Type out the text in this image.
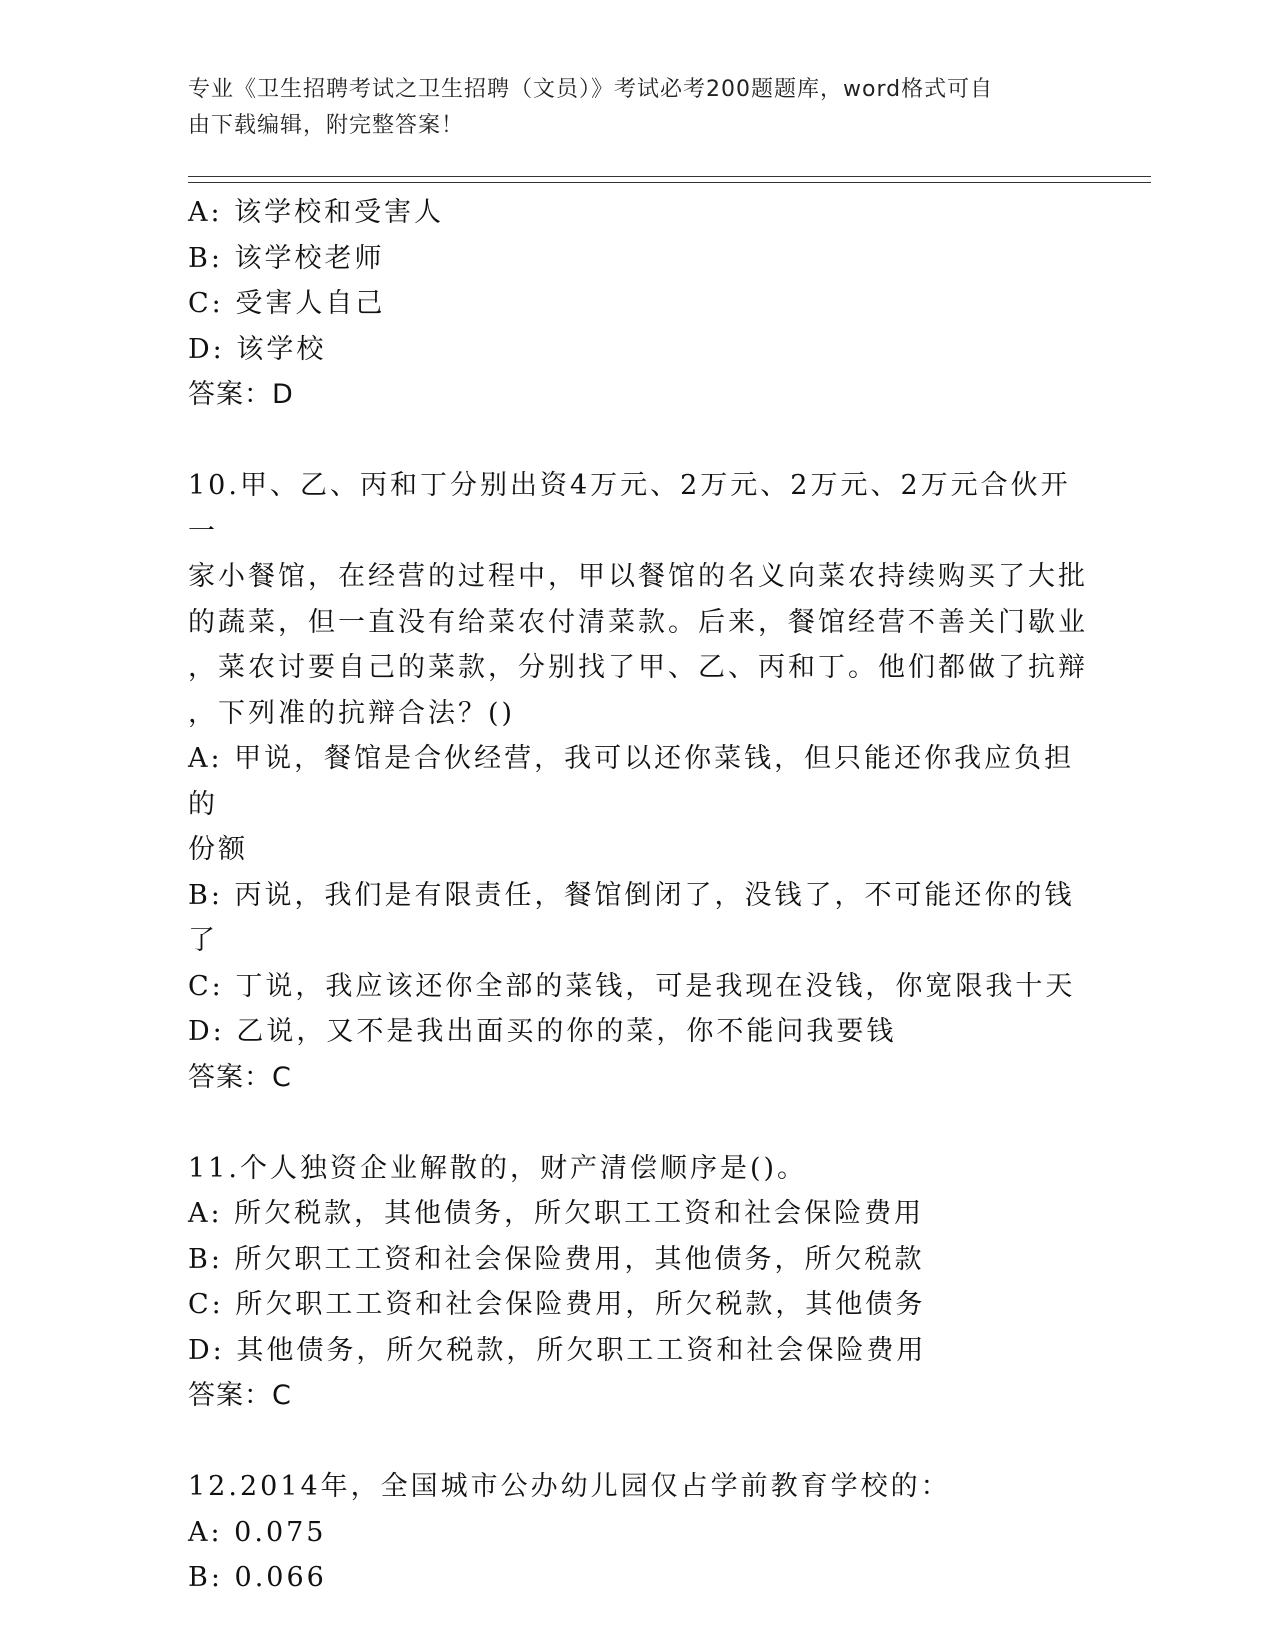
专业《卫生招聘考试之卫生招聘（文员）》考试必考200题题库，word格式可自
由下载编辑，附完整答案！

A: 该学校和受害人

B: 该学校老师

C: 受害人自己

D: 该学校

答案：D

10.甲、乙、丙和丁分别出资4万元、2万元、2万元、2万元合伙开一

家小餐馆，在经营的过程中，甲以餐馆的名义向菜农持续购买了大批

的蔬菜，但一直没有给菜农付清菜款。后来，餐馆经营不善关门歇业

，菜农讨要自己的菜款，分别找了甲、乙、丙和丁。他们都做了抗辩

，下列准的抗辩合法？()

A: 甲说，餐馆是合伙经营，我可以还你菜钱，但只能还你我应负担的

份额

B: 丙说，我们是有限责任，餐馆倒闭了，没钱了，不可能还你的钱了

C: 丁说，我应该还你全部的菜钱，可是我现在没钱，你宽限我十天

D: 乙说，又不是我出面买的你的菜，你不能问我要钱

答案：C

11.个人独资企业解散的，财产清偿顺序是()。

A: 所欠税款，其他债务，所欠职工工资和社会保险费用

B: 所欠职工工资和社会保险费用，其他债务，所欠税款

C: 所欠职工工资和社会保险费用，所欠税款，其他债务

D: 其他债务，所欠税款，所欠职工工资和社会保险费用

答案：C

12.2014年，全国城市公办幼儿园仅占学前教育学校的：

A: 0.075

B: 0.066
